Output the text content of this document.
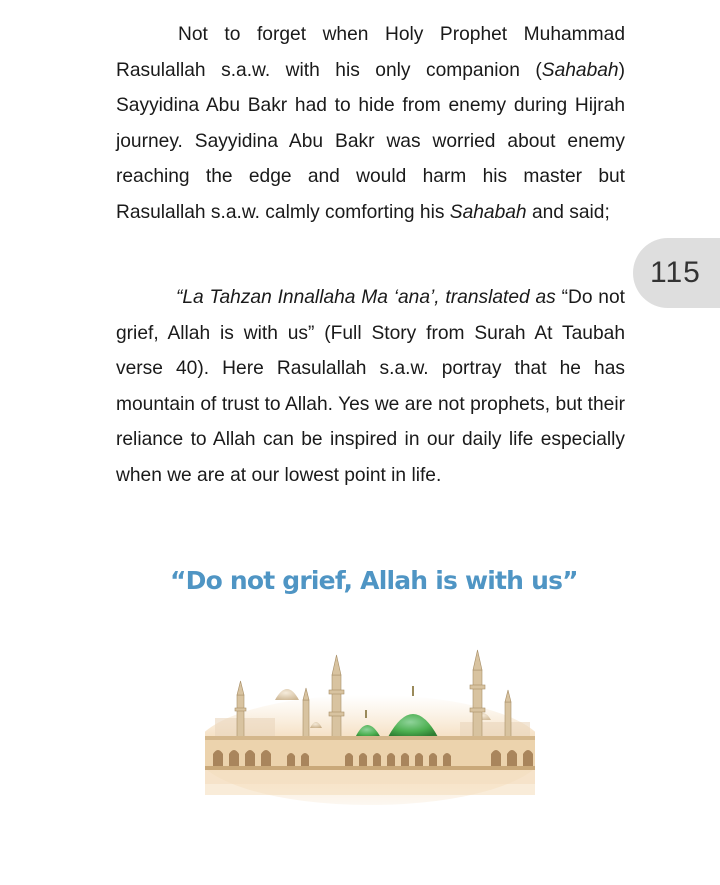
Not to forget when Holy Prophet Muhammad Rasulallah s.a.w. with his only companion (Sahabah) Sayyidina Abu Bakr had to hide from enemy during Hijrah journey. Sayyidina Abu Bakr was worried about enemy reaching the edge and would harm his master but Rasulallah s.a.w. calmly comforting his Sahabah and said;

115

“La Tahzan Innallaha Ma ‘ana’, translated as “Do not grief, Allah is with us” (Full Story from Surah At Taubah verse 40). Here Rasulallah s.a.w. portray that he has mountain of trust to Allah. Yes we are not prophets, but their reliance to Allah can be inspired in our daily life especially when we are at our lowest point in life.

“Do not grief, Allah is with us”
